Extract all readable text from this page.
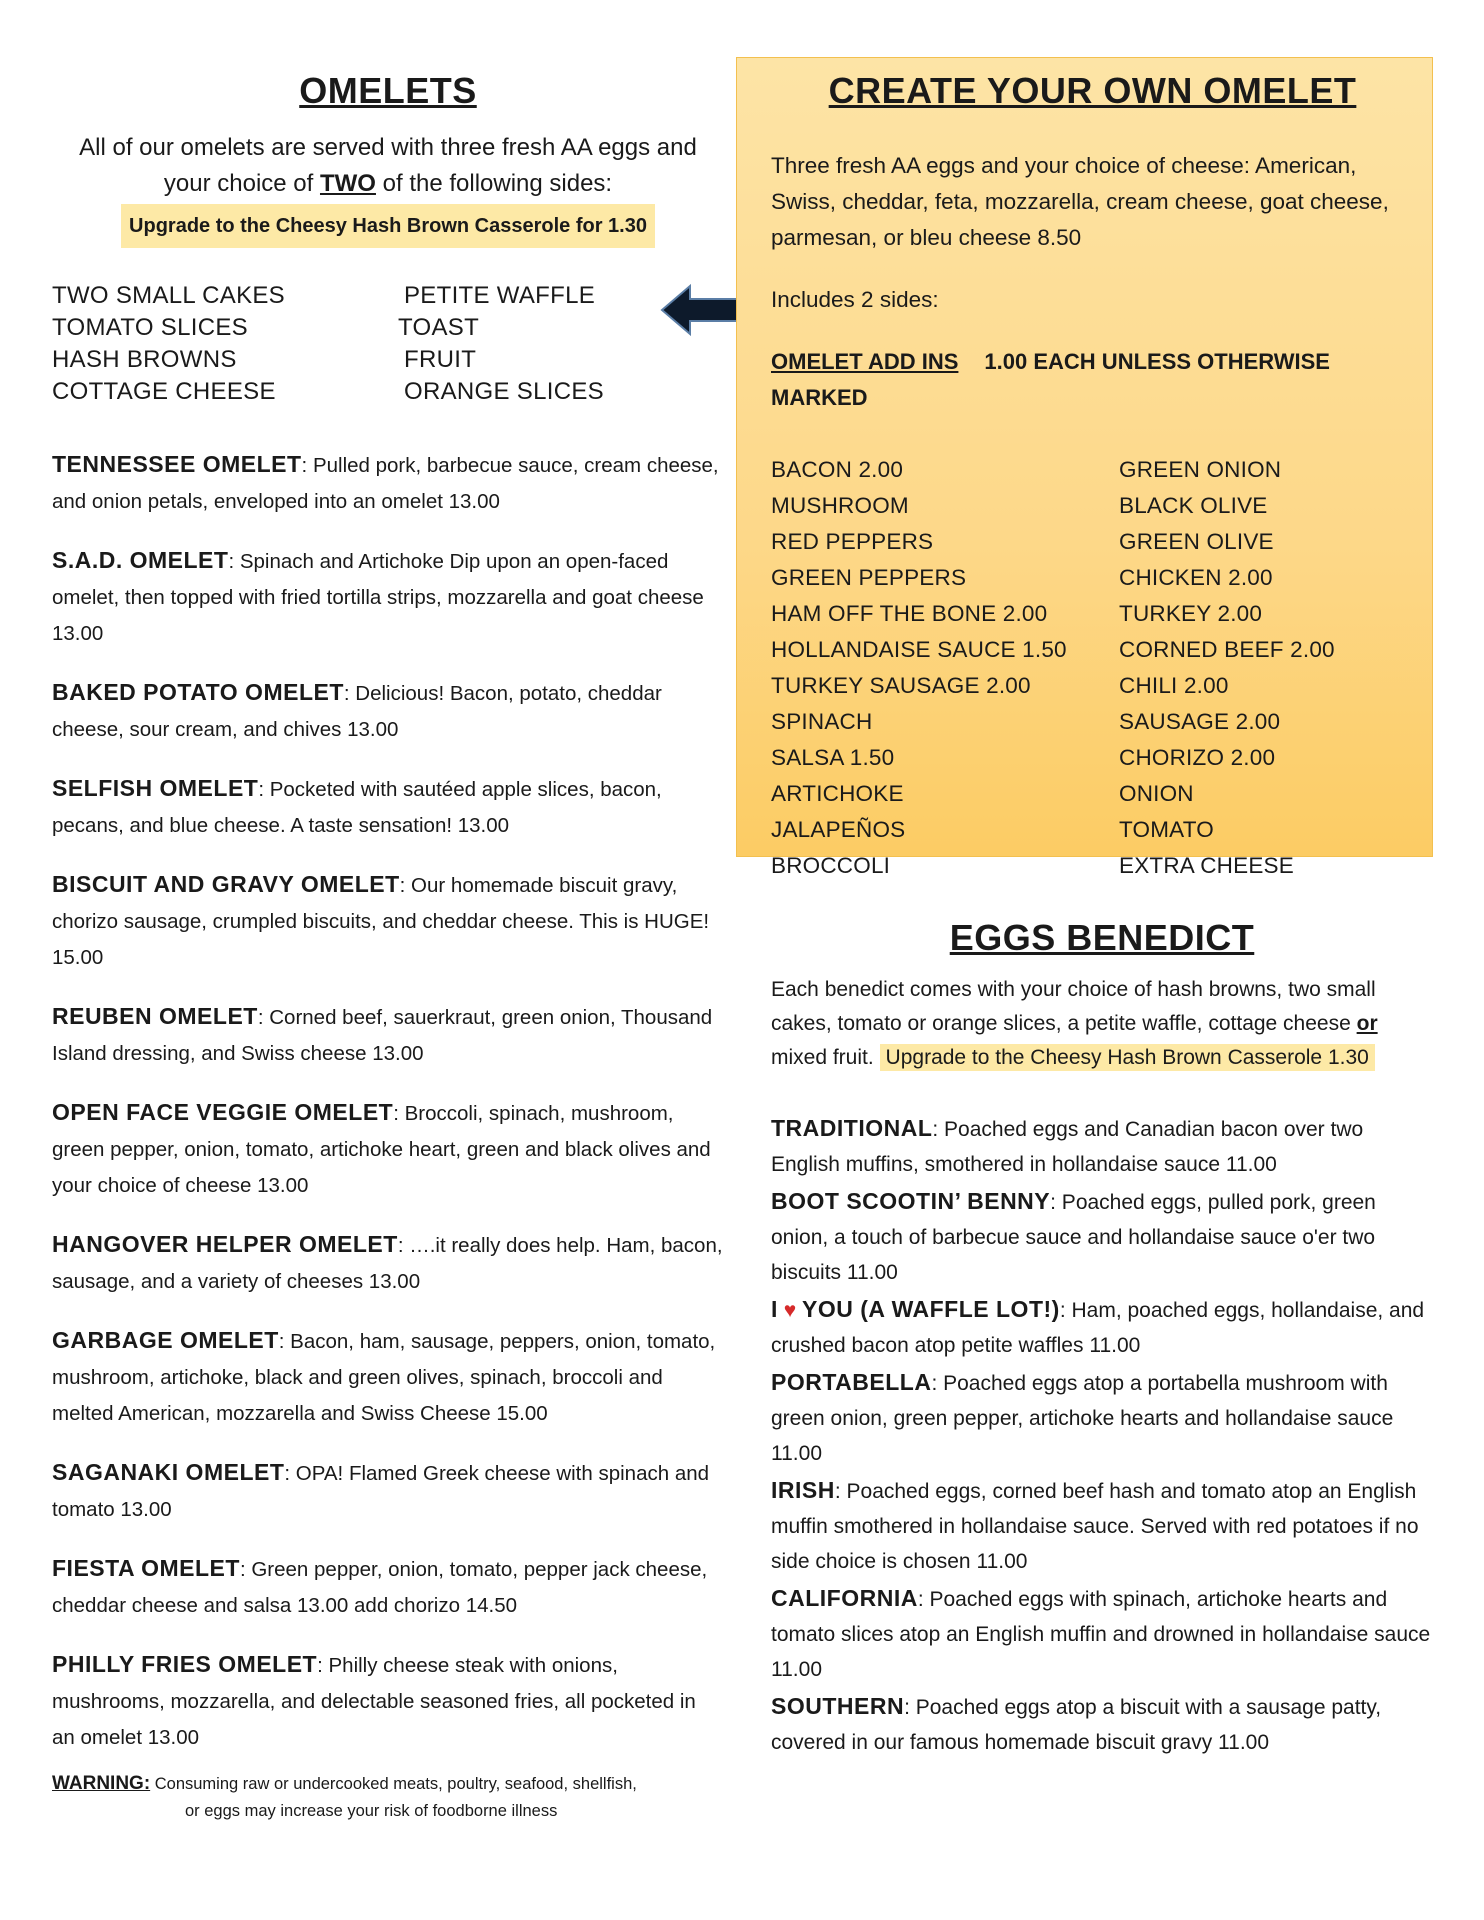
OMELETS
All of our omelets are served with three fresh AA eggs and
your choice of TWO of the following sides:
Upgrade to the Cheesy Hash Brown Casserole for 1.30
TWO SMALL CAKES	PETITE WAFFLE
TOMATO SLICES	TOAST
HASH BROWNS	FRUIT
COTTAGE CHEESE	ORANGE SLICES
TENNESSEE OMELET: Pulled pork, barbecue sauce, cream cheese, and onion petals, enveloped into an omelet 13.00
S.A.D. OMELET: Spinach and Artichoke Dip upon an open-faced omelet, then topped with fried tortilla strips, mozzarella and goat cheese 13.00
BAKED POTATO OMELET: Delicious! Bacon, potato, cheddar cheese, sour cream, and chives 13.00
SELFISH OMELET: Pocketed with sautéed apple slices, bacon, pecans, and blue cheese. A taste sensation! 13.00
BISCUIT AND GRAVY OMELET: Our homemade biscuit gravy, chorizo sausage, crumpled biscuits, and cheddar cheese. This is HUGE! 15.00
REUBEN OMELET: Corned beef, sauerkraut, green onion, Thousand Island dressing, and Swiss cheese 13.00
OPEN FACE VEGGIE OMELET: Broccoli, spinach, mushroom, green pepper, onion, tomato, artichoke heart, green and black olives and your choice of cheese 13.00
HANGOVER HELPER OMELET: ….it really does help. Ham, bacon, sausage, and a variety of cheeses 13.00
GARBAGE OMELET: Bacon, ham, sausage, peppers, onion, tomato, mushroom, artichoke, black and green olives, spinach, broccoli and melted American, mozzarella and Swiss Cheese 15.00
SAGANAKI OMELET: OPA! Flamed Greek cheese with spinach and tomato 13.00
FIESTA OMELET: Green pepper, onion, tomato, pepper jack cheese, cheddar cheese and salsa 13.00 add chorizo 14.50
PHILLY FRIES OMELET: Philly cheese steak with onions, mushrooms, mozzarella, and delectable seasoned fries, all pocketed in an omelet 13.00
WARNING: Consuming raw or undercooked meats, poultry, seafood, shellfish,
or eggs may increase your risk of foodborne illness
CREATE YOUR OWN OMELET
Three fresh AA eggs and your choice of cheese: American, Swiss, cheddar, feta, mozzarella, cream cheese, goat cheese, parmesan, or bleu cheese 8.50
Includes 2 sides:
OMELET ADD INS 1.00 EACH UNLESS OTHERWISE MARKED
BACON 2.00	GREEN ONION
MUSHROOM	BLACK OLIVE
RED PEPPERS	GREEN OLIVE
GREEN PEPPERS	CHICKEN 2.00
HAM OFF THE BONE 2.00	TURKEY 2.00
HOLLANDAISE SAUCE 1.50	CORNED BEEF 2.00
TURKEY SAUSAGE 2.00	CHILI 2.00
SPINACH	SAUSAGE 2.00
SALSA 1.50	CHORIZO 2.00
ARTICHOKE	ONION
JALAPEÑOS	TOMATO
BROCCOLI	EXTRA CHEESE
EGGS BENEDICT
Each benedict comes with your choice of hash browns, two small cakes, tomato or orange slices, a petite waffle, cottage cheese or mixed fruit. Upgrade to the Cheesy Hash Brown Casserole 1.30
TRADITIONAL: Poached eggs and Canadian bacon over two English muffins, smothered in hollandaise sauce 11.00
BOOT SCOOTIN’ BENNY: Poached eggs, pulled pork, green onion, a touch of barbecue sauce and hollandaise sauce o'er two biscuits 11.00
I ♥ YOU (A WAFFLE LOT!): Ham, poached eggs, hollandaise, and crushed bacon atop petite waffles 11.00
PORTABELLA: Poached eggs atop a portabella mushroom with green onion, green pepper, artichoke hearts and hollandaise sauce 11.00
IRISH: Poached eggs, corned beef hash and tomato atop an English muffin smothered in hollandaise sauce. Served with red potatoes if no side choice is chosen 11.00
CALIFORNIA: Poached eggs with spinach, artichoke hearts and tomato slices atop an English muffin and drowned in hollandaise sauce 11.00
SOUTHERN: Poached eggs atop a biscuit with a sausage patty, covered in our famous homemade biscuit gravy 11.00
